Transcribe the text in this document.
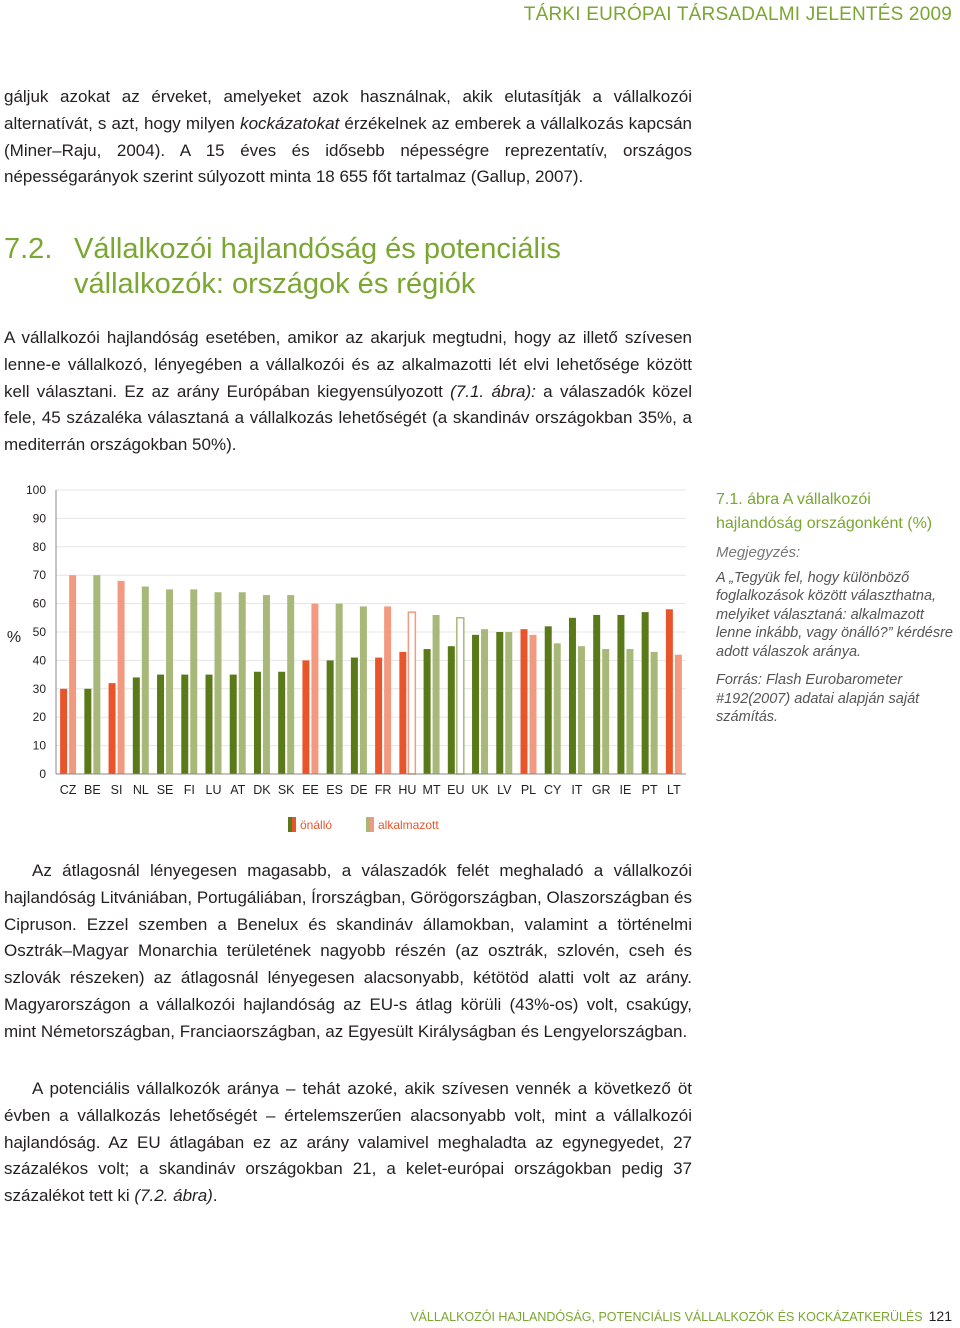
TÁRKI EURÓPAI TÁRSADALMI JELENTÉS 2009

gáljuk azokat az érveket, amelyeket azok használnak, akik elutasítják a vállalkozói alternatívát, s azt, hogy milyen kockázatokat érzékelnek az emberek a vállalkozás kapcsán (Miner–Raju, 2004). A 15 éves és idősebb népességre reprezentatív, országos népességarányok szerint súlyozott minta 18 655 főt tartalmaz (Gallup, 2007).

7.2. Vállalkozói hajlandóság és potenciális vállalkozók: országok és régiók

A vállalkozói hajlandóság esetében, amikor az akarjuk megtudni, hogy az illető szívesen lenne-e vállalkozó, lényegében a vállalkozói és az alkalmazotti lét elvi lehetősége között kell választani. Ez az arány Európában kiegyensúlyozott (7.1. ábra): a válaszadók közel fele, 45 százaléka választaná a vállalkozás lehetőségét (a skandináv országokban 35%, a mediterrán országokban 50%).

0
10
20
30
40
50
60
70
80
90
100
%
CZ BE SI NL SE FI LU AT DK SK EE ES DE FR HU MT EU UK LV PL CY IT GR IE PT LT
önálló	alkalmazott

7.1. ábra A vállalkozói hajlandóság országonként (%)

Megjegyzés:

A „Tegyük fel, hogy különböző foglalkozások között választhatna, melyiket választaná: alkalmazott lenne inkább, vagy önálló?” kérdésre adott válaszok aránya.

Forrás: Flash Eurobarometer #192(2007) adatai alapján saját számítás.

Az átlagosnál lényegesen magasabb, a válaszadók felét meghaladó a vállalkozói hajlandóság Litvániában, Portugáliában, Írországban, Görögországban, Olaszországban és Cipruson. Ezzel szemben a Benelux és skandináv államokban, valamint a történelmi Osztrák–Magyar Monarchia területének nagyobb részén (az osztrák, szlovén, cseh és szlovák részeken) az átlagosnál lényegesen alacsonyabb, kétötöd alatti volt az arány. Magyarországon a vállalkozói hajlandóság az EU-s átlag körüli (43%-os) volt, csakúgy, mint Németországban, Franciaországban, az Egyesült Királyságban és Lengyelországban.

A potenciális vállalkozók aránya – tehát azoké, akik szívesen vennék a következő öt évben a vállalkozás lehetőségét – értelemszerűen alacsonyabb volt, mint a vállalkozói hajlandóság. Az EU átlagában ez az arány valamivel meghaladta az egynegyedet, 27 százalékos volt; a skandináv országokban 21, a kelet-európai országokban pedig 37 százalékot tett ki (7.2. ábra).

VÁLLALKOZÓI HAJLANDÓSÁG, POTENCIÁLIS VÁLLALKOZÓK ÉS KOCKÁZATKERÜLÉS 121
